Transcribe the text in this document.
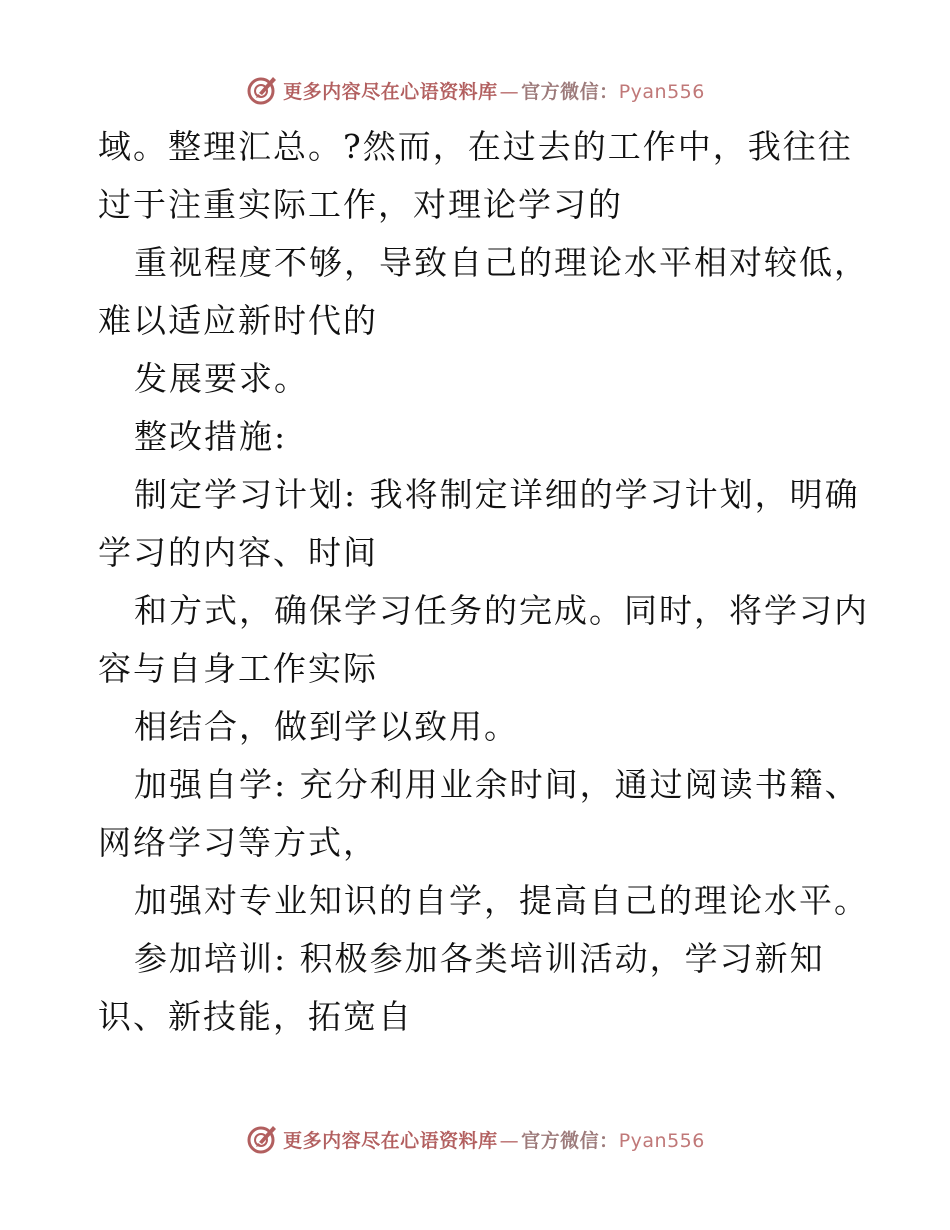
更多内容尽在心语资料库 — 官方微信：Pyan556
域。整理汇总。?然而，在过去的工作中，我往往
过于注重实际工作，对理论学习的
重视程度不够，导致自己的理论水平相对较低，
难以适应新时代的
发展要求。
整改措施:
制定学习计划: 我将制定详细的学习计划，明确
学习的内容、时间
和方式，确保学习任务的完成。同时，将学习内
容与自身工作实际
相结合，做到学以致用。
加强自学: 充分利用业余时间，通过阅读书籍、
网络学习等方式，
加强对专业知识的自学，提高自己的理论水平。
参加培训: 积极参加各类培训活动，学习新知
识、新技能，拓宽自
更多内容尽在心语资料库 — 官方微信：Pyan556
